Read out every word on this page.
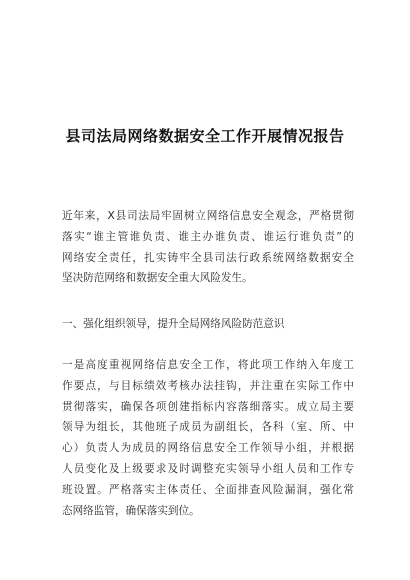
县司法局网络数据安全工作开展情况报告
近年来，X县司法局牢固树立网络信息安全观念，严格贯彻
落实“谁主管谁负责、谁主办谁负责、谁运行谁负责”的
网络安全责任，扎实铸牢全县司法行政系统网络数据安全
坚决防范网络和数据安全重大风险发生。
一、强化组织领导，提升全局网络风险防范意识
一是高度重视网络信息安全工作，将此项工作纳入年度工
作要点，与目标绩效考核办法挂钩，并注重在实际工作中
贯彻落实，确保各项创建指标内容落细落实。成立局主要
领导为组长，其他班子成员为副组长，各科（室、所、中
心）负责人为成员的网络信息安全工作领导小组，并根据
人员变化及上级要求及时调整充实领导小组人员和工作专
班设置。严格落实主体责任、全面排查风险漏洞，强化常
态网络监管，确保落实到位。
